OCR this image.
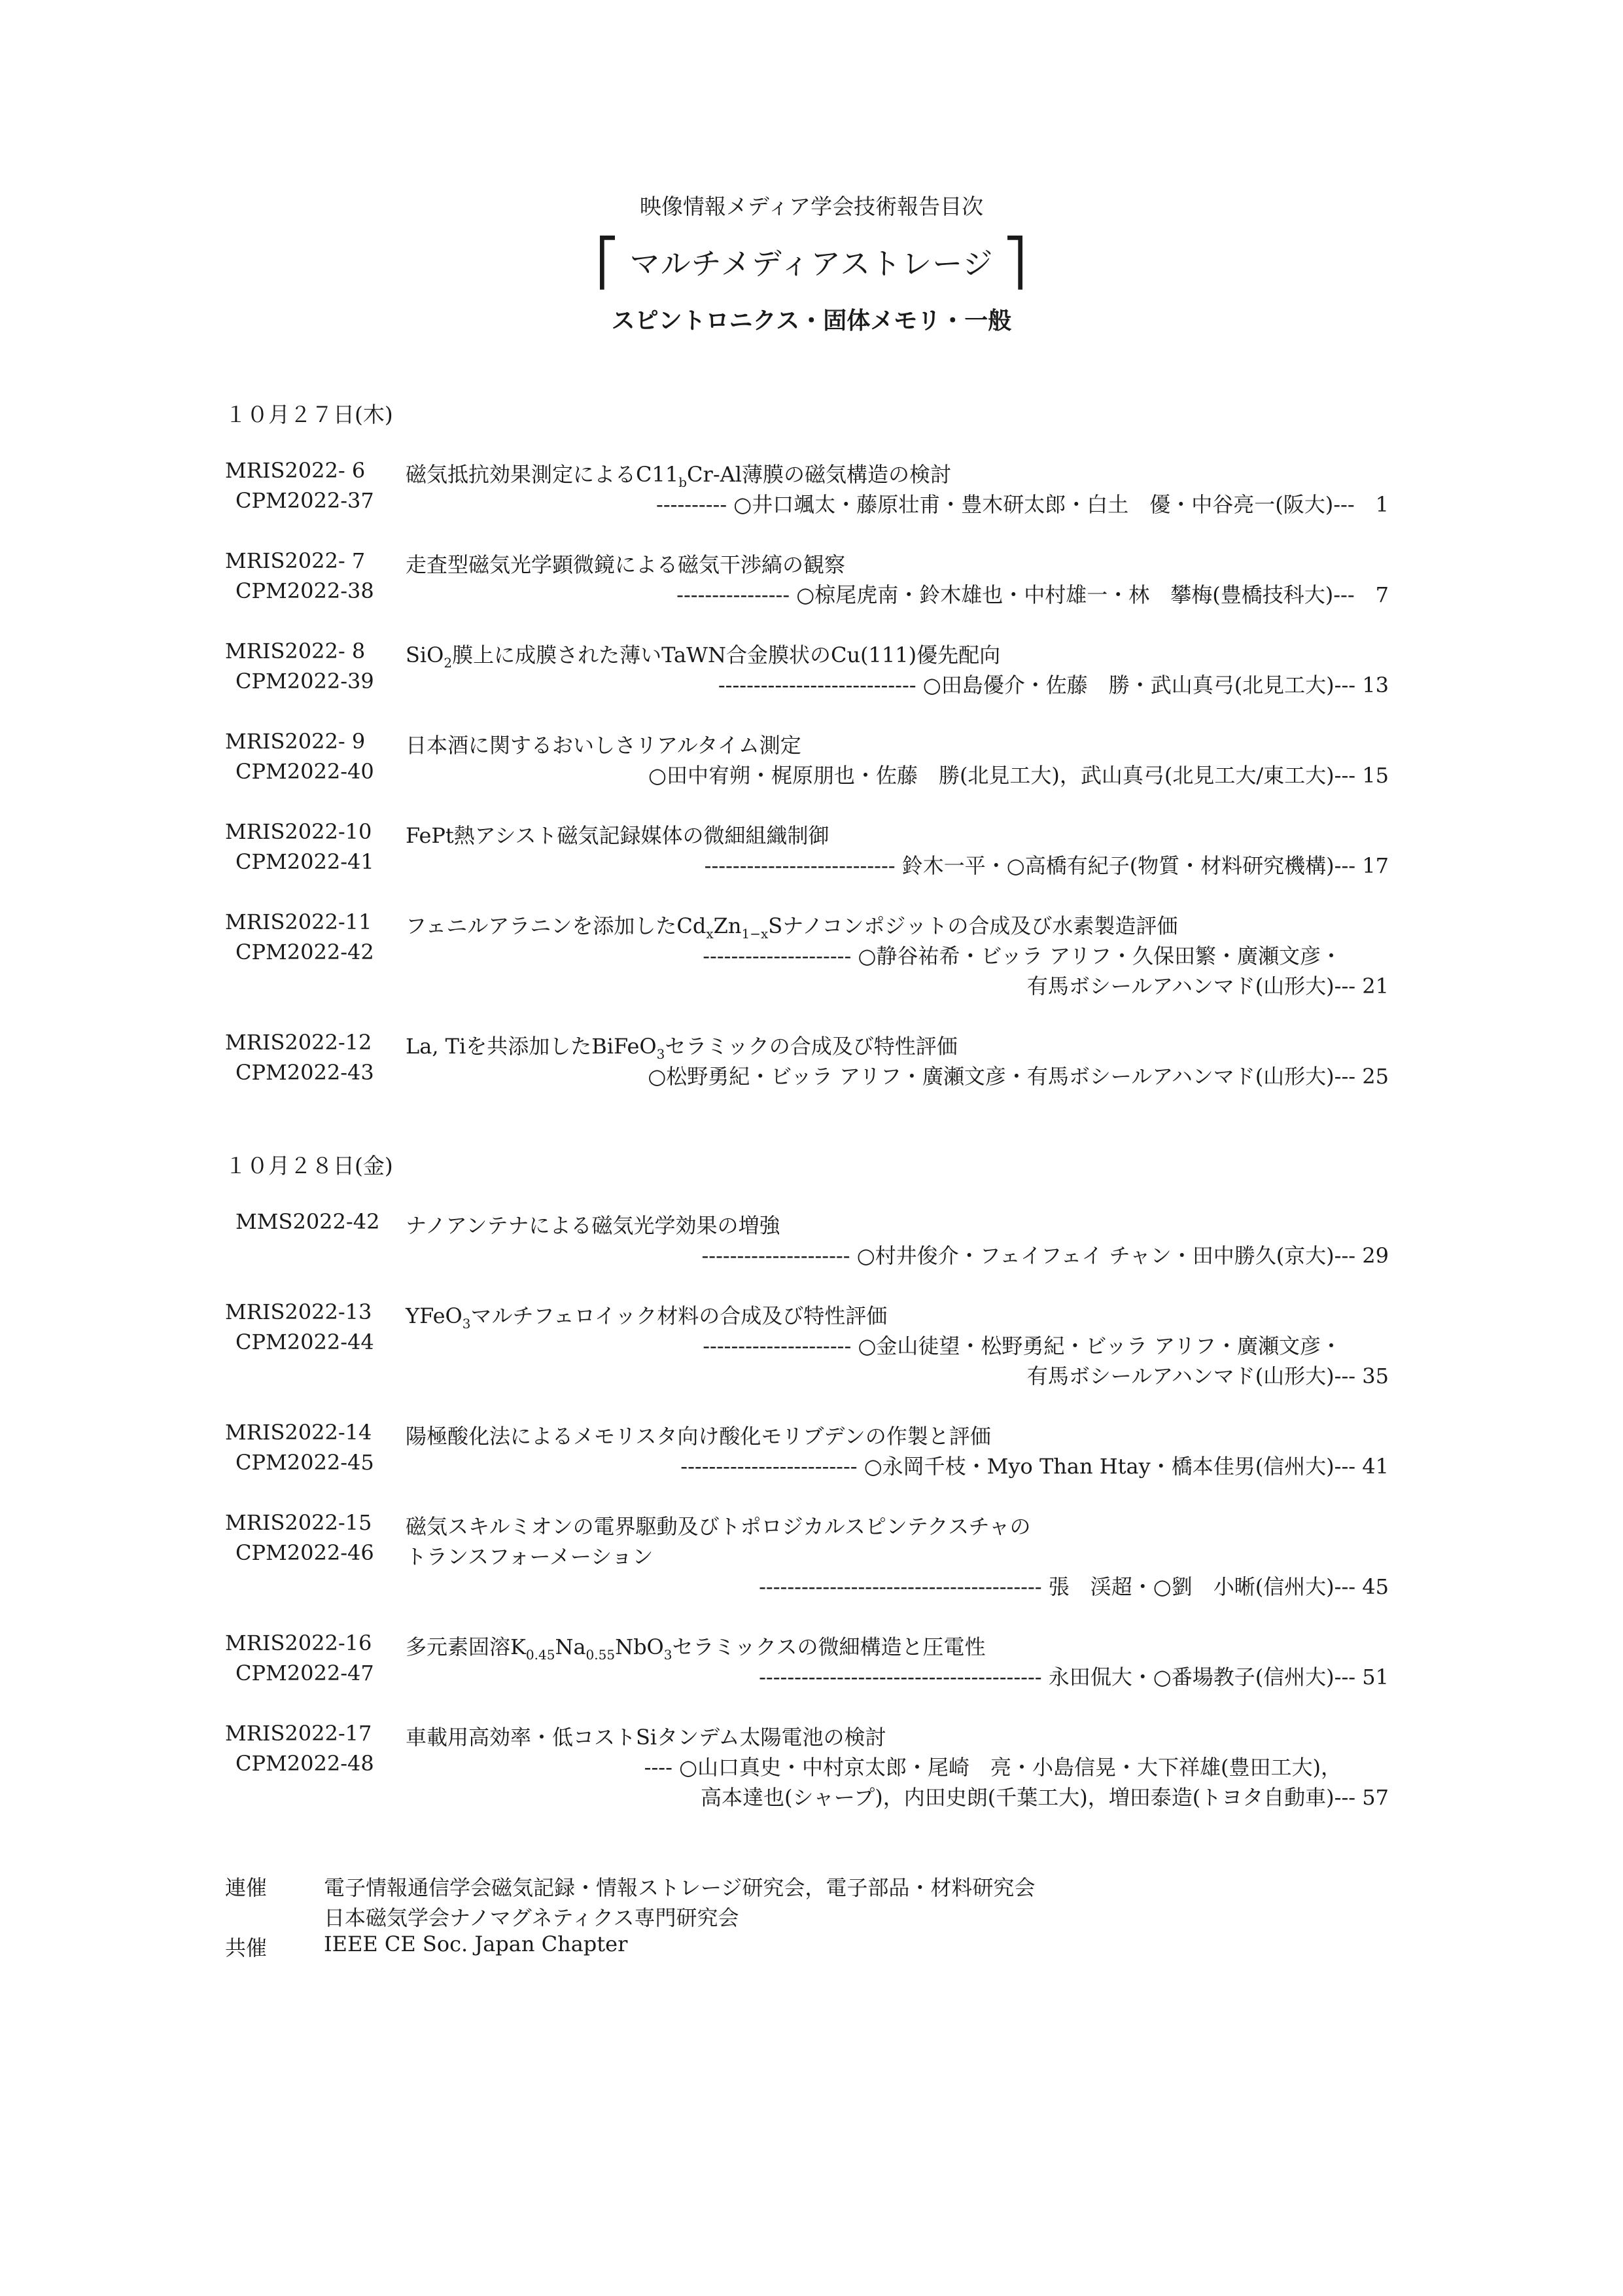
映像情報メディア学会技術報告目次
⎡ マルチメディアストレージ ⎤
スピントロニクス・固体メモリ・一般
１０月２７日(木)
MRIS2022- 6
CPM2022-37
磁気抵抗効果測定による$C11_bCr-Al$薄膜の磁気構造の検討
---------- ○井口颯太・藤原壮甫・豊木研太郎・白土　優・中谷亮一(阪大)---　1
MRIS2022- 7
CPM2022-38
走査型磁気光学顕微鏡による磁気干渉縞の観察
---------------- ○椋尾虎南・鈴木雄也・中村雄一・林　攀梅(豊橋技科大)---　7
MRIS2022- 8
CPM2022-39
SiO$_2$膜上に成膜された薄いTaWN合金膜状のCu(111)優先配向
---------------------------- ○田島優介・佐藤　勝・武山真弓(北見工大)--- 13
MRIS2022- 9
CPM2022-40
日本酒に関するおいしさリアルタイム測定
○田中宥朔・梶原朋也・佐藤　勝(北見工大)，武山真弓(北見工大/東工大)--- 15
MRIS2022-10
CPM2022-41
FePt熱アシスト磁気記録媒体の微細組織制御
--------------------------- 鈴木一平・○高橋有紀子(物質・材料研究機構)--- 17
MRIS2022-11
CPM2022-42
フェニルアラニンを添加した$Cd_xZn_{1-x}S$ナノコンポジットの合成及び水素製造評価
--------------------- ○静谷祐希・ビッラ アリフ・久保田繁・廣瀬文彦・
有馬ボシールアハンマド(山形大)--- 21
MRIS2022-12
CPM2022-43
La, Tiを共添加したBiFeO$_3$セラミックの合成及び特性評価
○松野勇紀・ビッラ アリフ・廣瀬文彦・有馬ボシールアハンマド(山形大)--- 25
１０月２８日(金)
MMS2022-42 ナノアンテナによる磁気光学効果の増強
--------------------- ○村井俊介・フェイフェイ チャン・田中勝久(京大)--- 29
MRIS2022-13
CPM2022-44
YFeO$_3$マルチフェロイック材料の合成及び特性評価
--------------------- ○金山徒望・松野勇紀・ビッラ アリフ・廣瀬文彦・
有馬ボシールアハンマド(山形大)--- 35
MRIS2022-14
CPM2022-45
陽極酸化法によるメモリスタ向け酸化モリブデンの作製と評価
------------------------- ○永岡千枝・Myo Than Htay・橋本佳男(信州大)--- 41
MRIS2022-15
CPM2022-46
磁気スキルミオンの電界駆動及びトポロジカルスピンテクスチャの
トランスフォーメーション
---------------------------------------- 張　渓超・○劉　小晰(信州大)--- 45
MRIS2022-16
CPM2022-47
多元素固溶$K_{0.45}Na_{0.55}NbO_3$セラミックスの微細構造と圧電性
---------------------------------------- 永田侃大・○番場教子(信州大)--- 51
MRIS2022-17
CPM2022-48
車載用高効率・低コストSiタンデム太陽電池の検討
---- ○山口真史・中村京太郎・尾崎　亮・小島信晃・大下祥雄(豊田工大)，
高本達也(シャープ)，内田史朗(千葉工大)，増田泰造(トヨタ自動車)--- 57
連催	電子情報通信学会磁気記録・情報ストレージ研究会，電子部品・材料研究会
日本磁気学会ナノマグネティクス専門研究会
共催	IEEE CE Soc. Japan Chapter
